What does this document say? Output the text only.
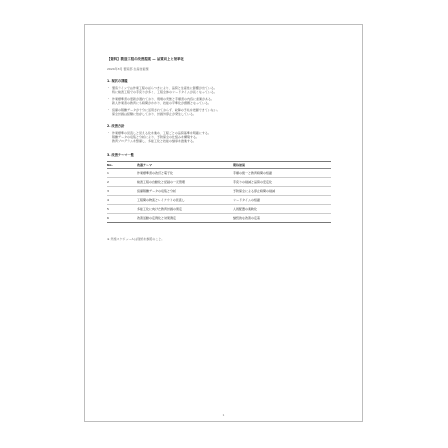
【資料】製造工程の改善提案 — 品質向上と効率化
2024年3月 製造部 生産技術課
1. 現状の課題
・ 製造ラインでは作業工程のばらつきにより、品質と生産性に影響が出ている。
特に検査工程での手戻りが多く、工程全体のリードタイムが長くなっている。
・ 作業標準書の更新が遅れており、現場の実態と手順書の内容に差異がある。
新人作業者の教育にも時間がかかり、技能の平準化が課題となっている。
・ 設備の稼働データが十分に活用されておらず、故障の予兆を把握できていない。
保全計画は経験に依存しており、計画外停止が発生している。
2. 改善方針
・ 作業標準の見直しと見える化を進め、工程ごとの品質基準を明確にする。
稼働データの収集と分析により、予防保全の仕組みを構築する。
教育プログラムを整備し、多能工化と技能の継承を推進する。
3. 改善テーマ一覧
No.	改善テーマ	期待効果
1	作業標準書の改訂と電子化	手順の統一と教育時間の短縮
2	検査工程の自動化と記録の一元管理	手戻りの削減と品質の安定化
3	設備稼働データの収集と分析	予防保全による停止時間の削減
4	工程間の物流とレイアウトの見直し	リードタイムの短縮
5	多能工化に向けた教育計画の策定	人員配置の柔軟化
6	改善活動の定例化と効果測定	継続的な改善の定着
※ 実施スケジュールは別紙を参照のこと。
1
